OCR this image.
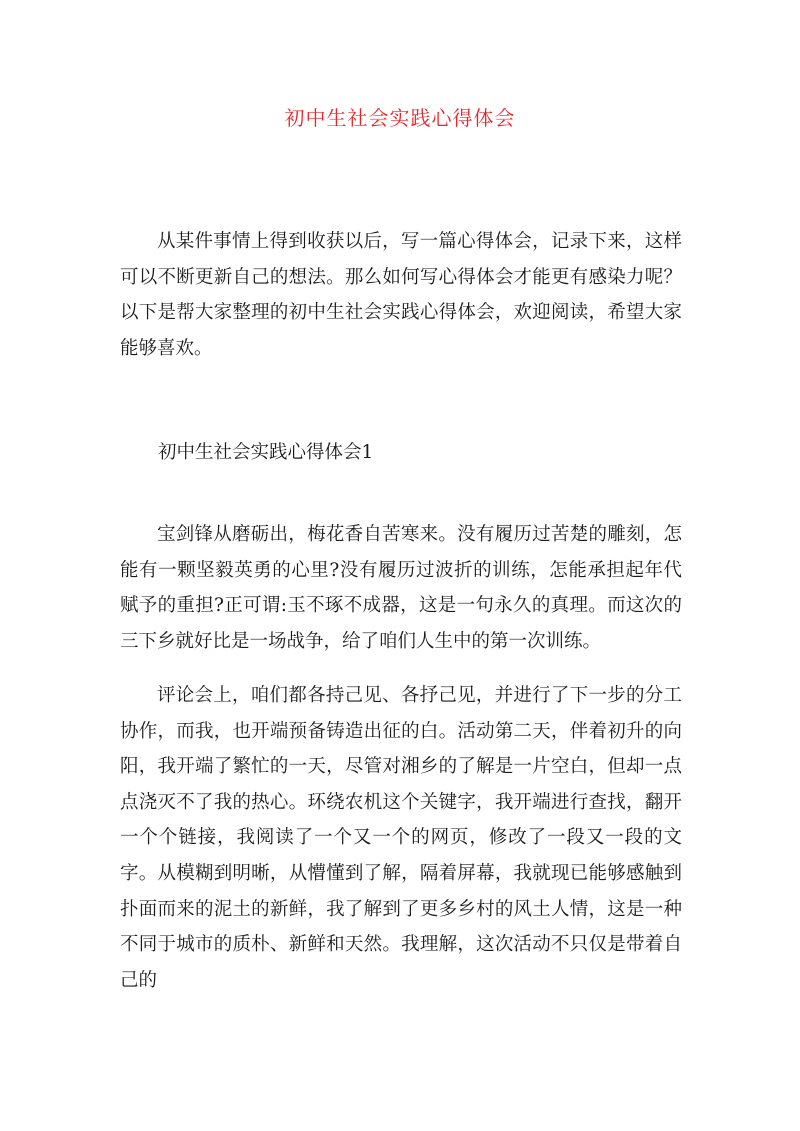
初中生社会实践心得体会

从某件事情上得到收获以后，写一篇心得体会，记录下来，这样可以不断更新自己的想法。那么如何写心得体会才能更有感染力呢？以下是帮大家整理的初中生社会实践心得体会，欢迎阅读，希望大家能够喜欢。

初中生社会实践心得体会1

宝剑锋从磨砺出，梅花香自苦寒来。没有履历过苦楚的雕刻，怎能有一颗坚毅英勇的心里?没有履历过波折的训练，怎能承担起年代赋予的重担?正可谓:玉不琢不成器，这是一句永久的真理。而这次的三下乡就好比是一场战争，给了咱们人生中的第一次训练。

评论会上，咱们都各持己见、各抒己见，并进行了下一步的分工协作，而我，也开端预备铸造出征的白。活动第二天，伴着初升的向阳，我开端了繁忙的一天，尽管对湘乡的了解是一片空白，但却一点点浇灭不了我的热心。环绕农机这个关键字，我开端进行查找，翻开一个个链接，我阅读了一个又一个的网页，修改了一段又一段的文字。从模糊到明晰，从懵懂到了解，隔着屏幕，我就现已能够感触到扑面而来的泥土的新鲜，我了解到了更多乡村的风土人情，这是一种不同于城市的质朴、新鲜和天然。我理解，这次活动不只仅是带着自己的
